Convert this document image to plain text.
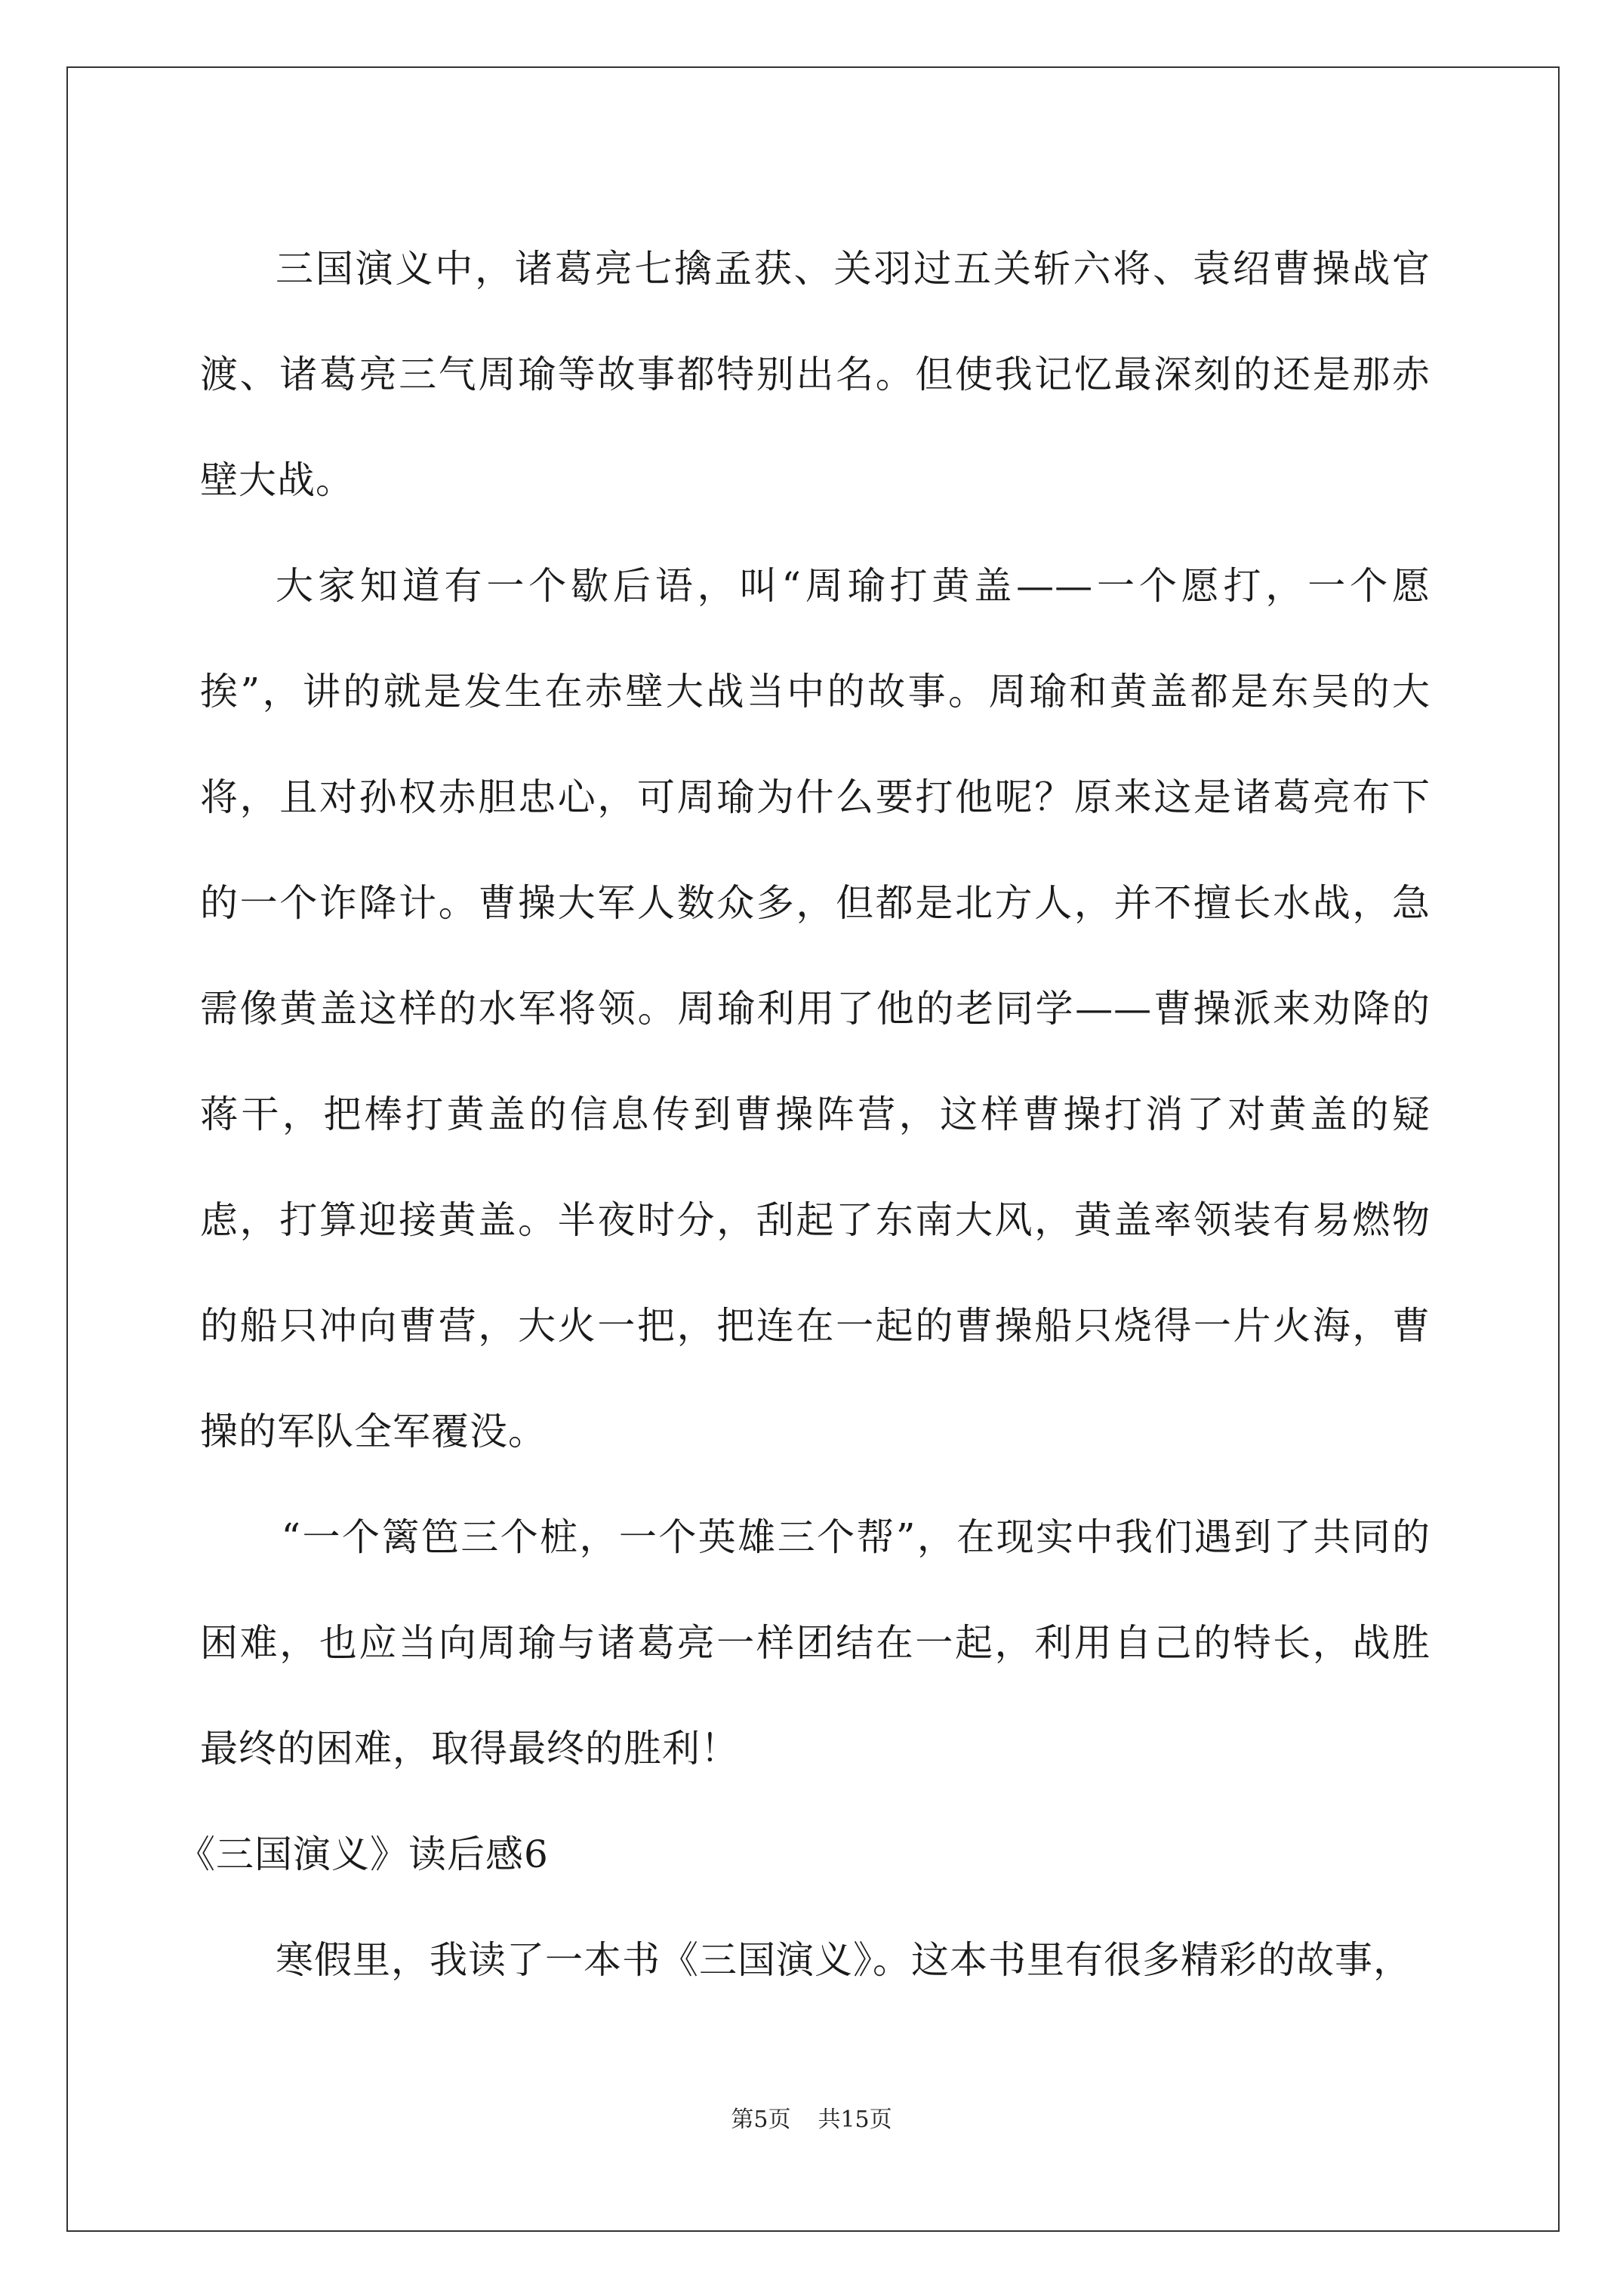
三国演义中，诸葛亮七擒孟获、关羽过五关斩六将、袁绍曹操战官渡、诸葛亮三气周瑜等故事都特别出名。但使我记忆最深刻的还是那赤壁大战。

大家知道有一个歇后语，叫“周瑜打黄盖——一个愿打，一个愿挨”，讲的就是发生在赤壁大战当中的故事。周瑜和黄盖都是东吴的大将，且对孙权赤胆忠心，可周瑜为什么要打他呢？原来这是诸葛亮布下的一个诈降计。曹操大军人数众多，但都是北方人，并不擅长水战，急需像黄盖这样的水军将领。周瑜利用了他的老同学——曹操派来劝降的蒋干，把棒打黄盖的信息传到曹操阵营，这样曹操打消了对黄盖的疑虑，打算迎接黄盖。半夜时分，刮起了东南大风，黄盖率领装有易燃物的船只冲向曹营，大火一把，把连在一起的曹操船只烧得一片火海，曹操的军队全军覆没。

“一个篱笆三个桩，一个英雄三个帮”，在现实中我们遇到了共同的困难，也应当向周瑜与诸葛亮一样团结在一起，利用自己的特长，战胜最终的困难，取得最终的胜利！

《三国演义》读后感6

寒假里，我读了一本书《三国演义》。这本书里有很多精彩的故事，

第5页 共15页
